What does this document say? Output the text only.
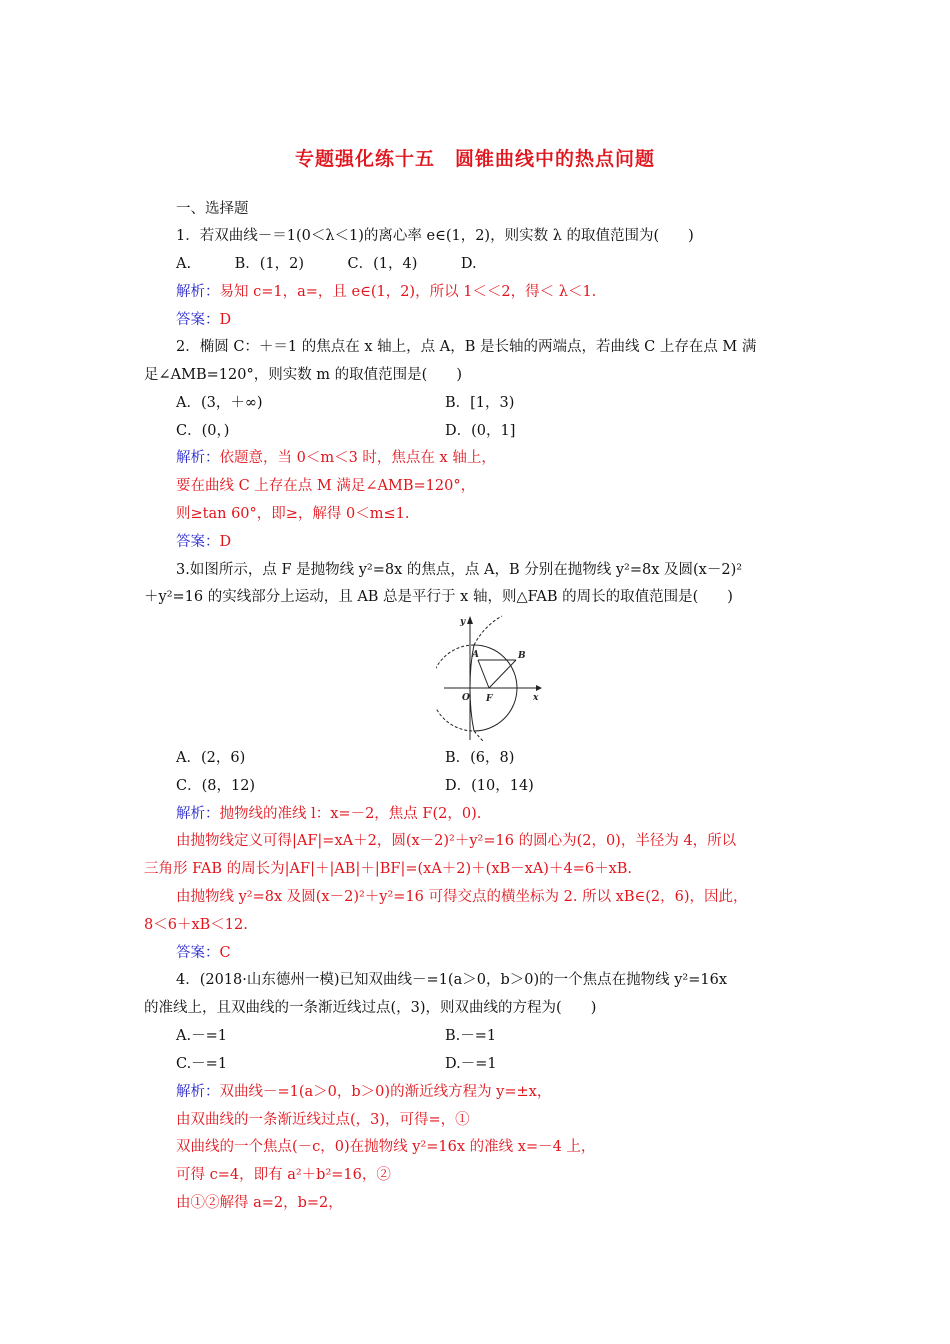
专题强化练十五　圆锥曲线中的热点问题
一、选择题
1．若双曲线－＝1(0＜λ＜1)的离心率 e∈(1，2)，则实数 λ 的取值范围为(　　)
A.　　　B．(1，2)　　　C．(1，4)　　　D.
解析：易知 c=1，a=，且 e∈(1，2)，所以 1＜＜2，得＜ λ＜1.
答案：D
2．椭圆 C：＋＝1 的焦点在 x 轴上，点 A，B 是长轴的两端点，若曲线 C 上存在点 M 满
足∠AMB=120°，则实数 m 的取值范围是(　　)
A．(3，＋∞)	B．[1，3)
C．(0，)	D．(0，1]
解析：依题意，当 0＜m＜3 时，焦点在 x 轴上，
要在曲线 C 上存在点 M 满足∠AMB=120°，
则≥tan 60°，即≥，解得 0＜m≤1.
答案：D
3.如图所示，点 F 是抛物线 y²=8x 的焦点，点 A，B 分别在抛物线 y²=8x 及圆(x－2)²
＋y²=16 的实线部分上运动，且 AB 总是平行于 x 轴，则△FAB 的周长的取值范围是(　　)
y
x
A	B
O F
A．(2，6)	B．(6，8)
C．(8，12)	D．(10，14)
解析：抛物线的准线 l：x=－2，焦点 F(2，0).
由抛物线定义可得|AF|=xA＋2，圆(x－2)²＋y²=16 的圆心为(2，0)，半径为 4，所以
三角形 FAB 的周长为|AF|＋|AB|＋|BF|=(xA＋2)＋(xB－xA)＋4=6＋xB.
由抛物线 y²=8x 及圆(x－2)²＋y²=16 可得交点的横坐标为 2. 所以 xB∈(2，6)，因此，
8＜6＋xB＜12.
答案：C
4．(2018·山东德州一模)已知双曲线－=1(a＞0，b＞0)的一个焦点在抛物线 y²=16x
的准线上，且双曲线的一条渐近线过点(，3)，则双曲线的方程为(　　)
A.－=1	B.－=1
C.－=1	D.－=1
解析：双曲线－=1(a＞0，b＞0)的渐近线方程为 y=±x，
由双曲线的一条渐近线过点(，3)，可得=，①
双曲线的一个焦点(－c，0)在抛物线 y²=16x 的准线 x=－4 上，
可得 c=4，即有 a²＋b²=16，②
由①②解得 a=2，b=2，
